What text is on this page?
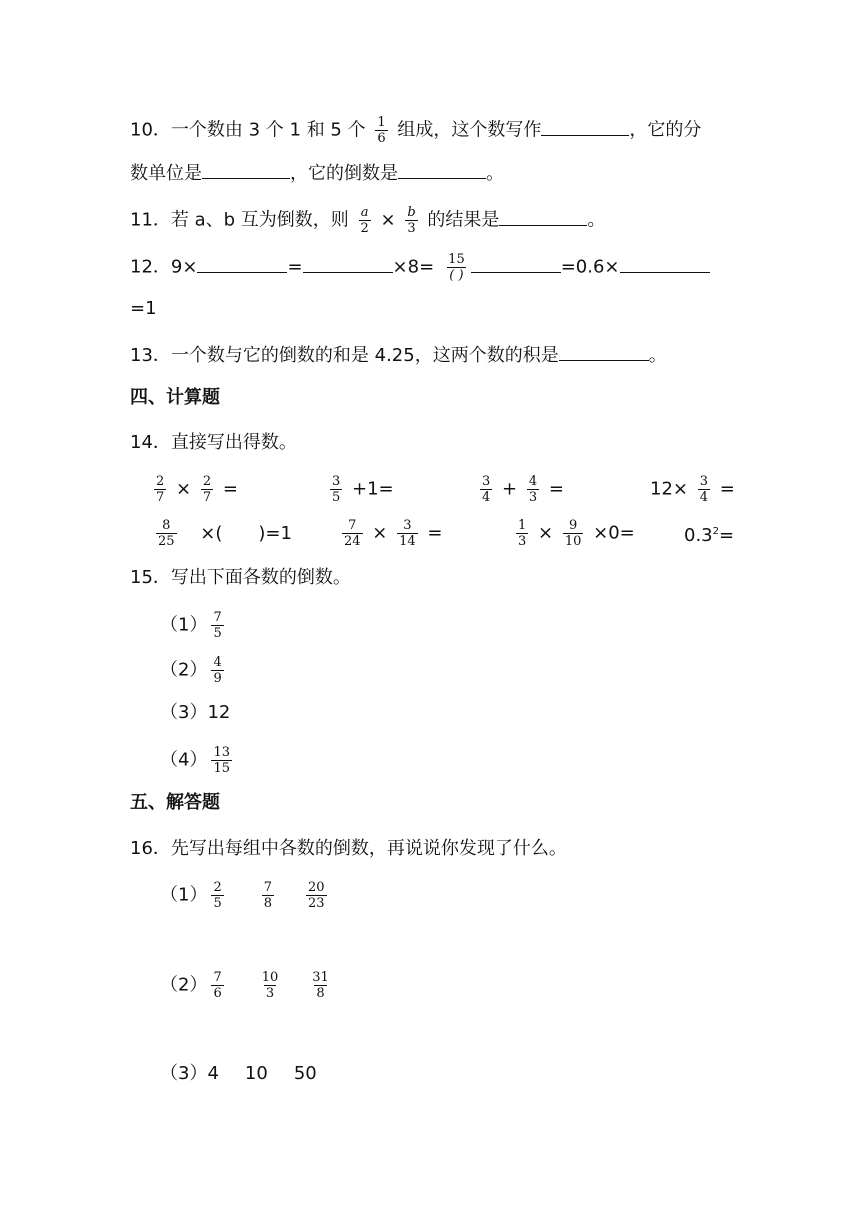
10．一个数由 3 个 1 和 5 个 $\frac{1}{6}$ 组成，这个数写作	，它的分
数单位是	，它的倒数是	。
11．若 a、b 互为倒数，则 $\frac{a}{2} \times \frac{b}{3}$ 的结果是	。
12．9×	=	$\times 8= \frac{15}{( )}$	=0.6×
=1
13．一个数与它的倒数的和是 4.25，这两个数的积是	。
四、计算题
14．直接写出得数。
$\frac{2}{7} \times \frac{2}{7}$ =	$\frac{3}{5} +1=$	$\frac{3}{4} + \frac{4}{3}$ =	$12\times \frac{3}{4}$ =
$\frac{8}{25}$ ×(　　)=1	$\frac{7}{24} \times \frac{3}{14}$ =	$\frac{1}{3} \times \frac{9}{10} \times 0=$	$0.3^2=$
15．写出下面各数的倒数。
$(1) \frac{7}{5}$
$(2) \frac{4}{9}$
（3）12
$(4) \frac{13}{15}$
五、解答题
16．先写出每组中各数的倒数，再说说你发现了什么。
$(1) \frac{2}{5}$	$\frac{7}{8} \frac{20}{23}$
$(2) \frac{7}{6}$	$\frac{10}{3} \frac{31}{8}$
（3）4 10 50
